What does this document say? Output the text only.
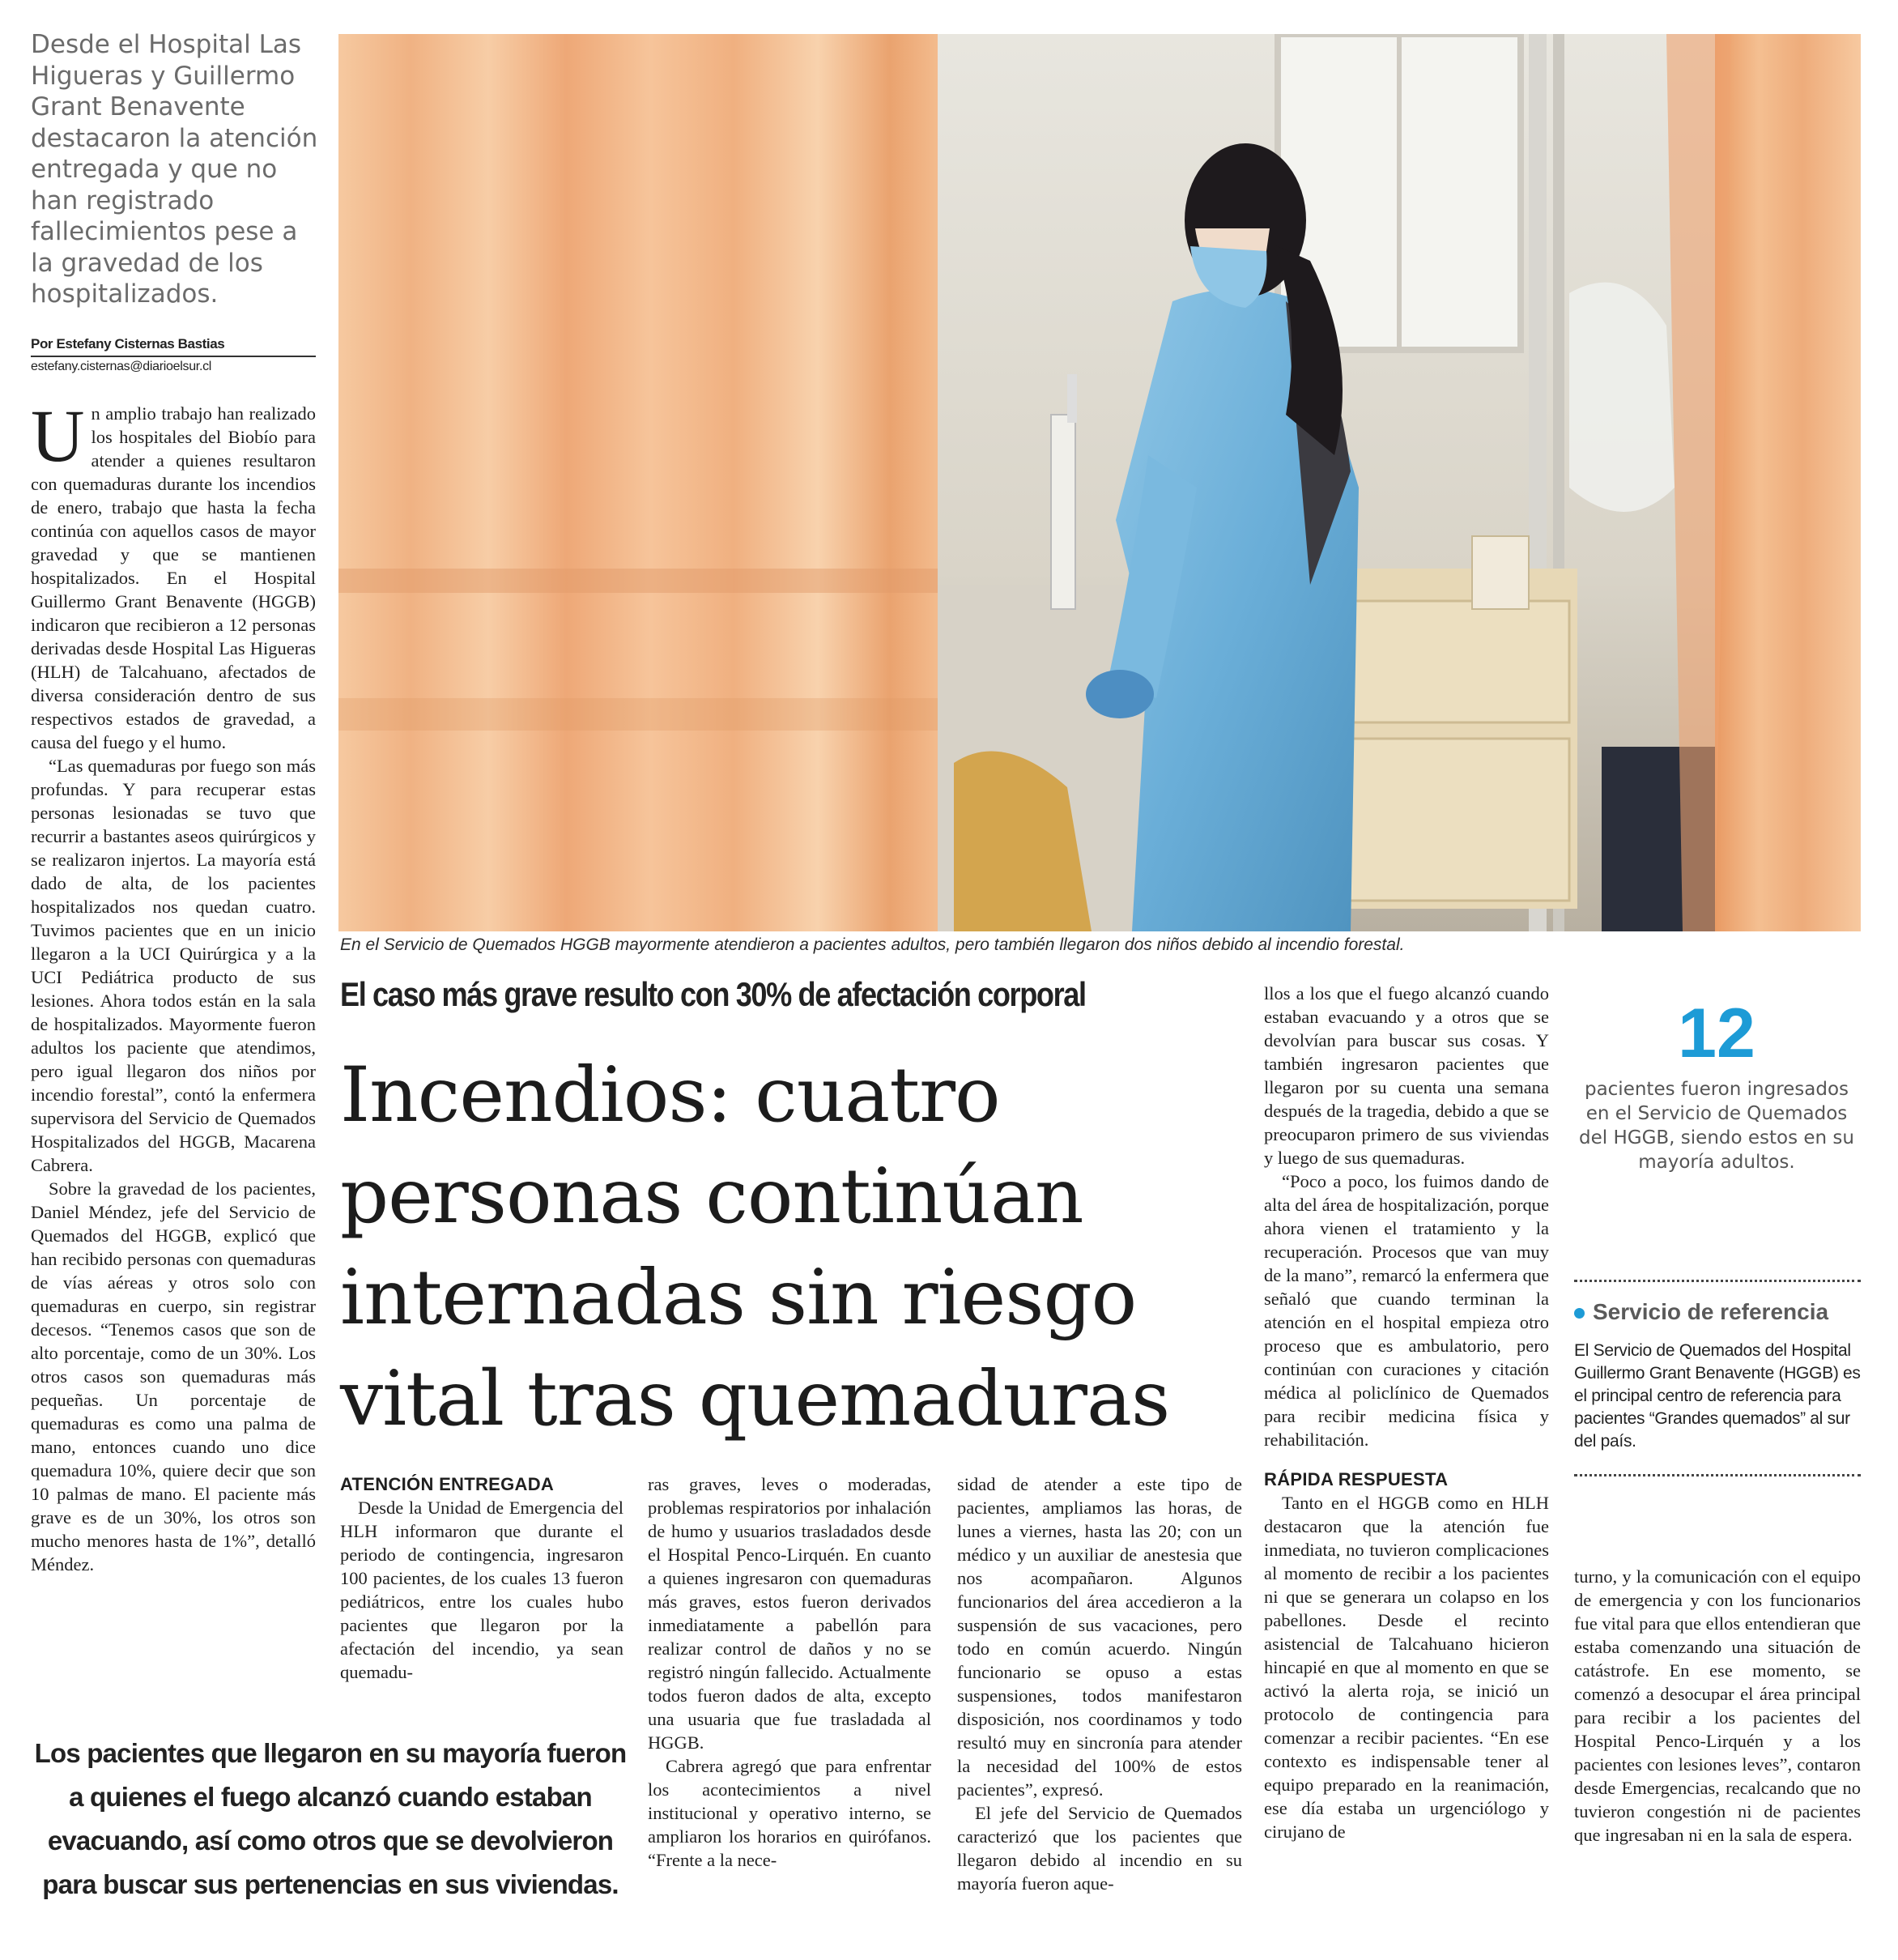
Desde el Hospital Las Higueras y Guillermo Grant Benavente destacaron la atención entregada y que no han registrado fallecimientos pese a la gravedad de los hospitalizados.
Por Estefany Cisternas Bastias
estefany.cisternas@diarioelsur.cl

Un amplio trabajo han realizado los hospitales del Biobío para atender a quienes resultaron con quemaduras durante los incendios de enero, trabajo que hasta la fecha continúa con aquellos casos de mayor gravedad y que se mantienen hospitalizados. En el Hospital Guillermo Grant Benavente (HGGB) indicaron que recibieron a 12 personas derivadas desde Hospital Las Higueras (HLH) de Talcahuano, afectados de diversa consideración dentro de sus respectivos estados de gravedad, a causa del fuego y el humo.

“Las quemaduras por fuego son más profundas. Y para recuperar estas personas lesionadas se tuvo que recurrir a bastantes aseos quirúrgicos y se realizaron injertos. La mayoría está dado de alta, de los pacientes hospitalizados nos quedan cuatro. Tuvimos pacientes que en un inicio llegaron a la UCI Quirúrgica y a la UCI Pediátrica producto de sus lesiones. Ahora todos están en la sala de hospitalizados. Mayormente fueron adultos los paciente que atendimos, pero igual llegaron dos niños por incendio forestal”, contó la enfermera supervisora del Servicio de Quemados Hospitalizados del HGGB, Macarena Cabrera.

Sobre la gravedad de los pacientes, Daniel Méndez, jefe del Servicio de Quemados del HGGB, explicó que han recibido personas con quemaduras de vías aéreas y otros solo con quemaduras en cuerpo, sin registrar decesos. “Tenemos casos que son de alto porcentaje, como de un 30%. Los otros casos son quemaduras más pequeñas. Un porcentaje de quemaduras es como una palma de mano, entonces cuando uno dice quemadura 10%, quiere decir que son 10 palmas de mano. El paciente más grave es de un 30%, los otros son mucho menores hasta de 1%”, detalló Méndez.

En el Servicio de Quemados HGGB mayormente atendieron a pacientes adultos, pero también llegaron dos niños debido al incendio forestal.
El caso más grave resulto con 30% de afectación corporal
Incendios: cuatro personas continúan internadas sin riesgo vital tras quemaduras

ATENCIÓN ENTREGADA

Desde la Unidad de Emergencia del HLH informaron que durante el periodo de contingencia, ingresaron 100 pacientes, de los cuales 13 fueron pediátricos, entre los cuales hubo pacientes que llegaron por la afectación del incendio, ya sean quemadu-

ras graves, leves o moderadas, problemas respiratorios por inhalación de humo y usuarios trasladados desde el Hospital Penco-Lirquén. En cuanto a quienes ingresaron con quemaduras más graves, estos fueron derivados inmediatamente a pabellón para realizar control de daños y no se registró ningún fallecido. Actualmente todos fueron dados de alta, excepto una usuaria que fue trasladada al HGGB.

Cabrera agregó que para enfrentar los acontecimientos a nivel institucional y operativo interno, se ampliaron los horarios en quirófanos. “Frente a la nece-

sidad de atender a este tipo de pacientes, ampliamos las horas, de lunes a viernes, hasta las 20; con un médico y un auxiliar de anestesia que nos acompañaron. Algunos funcionarios del área accedieron a la suspensión de sus vacaciones, pero todo en común acuerdo. Ningún funcionario se opuso a estas suspensiones, todos manifestaron disposición, nos coordinamos y todo resultó muy en sincronía para atender la necesidad del 100% de estos pacientes”, expresó.

El jefe del Servicio de Quemados caracterizó que los pacientes que llegaron debido al incendio en su mayoría fueron aque-

llos a los que el fuego alcanzó cuando estaban evacuando y a otros que se devolvían para buscar sus cosas. Y también ingresaron pacientes que llegaron por su cuenta una semana después de la tragedia, debido a que se preocuparon primero de sus viviendas y luego de sus quemaduras.

“Poco a poco, los fuimos dando de alta del área de hospitalización, porque ahora vienen el tratamiento y la recuperación. Procesos que van muy de la mano”, remarcó la enfermera que señaló que cuando terminan la atención en el hospital empieza otro proceso que es ambulatorio, pero continúan con curaciones y citación médica al policlínico de Quemados para recibir medicina física y rehabilitación.

RÁPIDA RESPUESTA

Tanto en el HGGB como en HLH destacaron que la atención fue inmediata, no tuvieron complicaciones al momento de recibir a los pacientes ni que se generara un colapso en los pabellones. Desde el recinto asistencial de Talcahuano hicieron hincapié en que al momento en que se activó la alerta roja, se inició un protocolo de contingencia para comenzar a recibir pacientes. “En ese contexto es indispensable tener al equipo preparado en la reanimación, ese día estaba un urgenciólogo y cirujano de

turno, y la comunicación con el equipo de emergencia y con los funcionarios fue vital para que ellos entendieran que estaba comenzando una situación de catástrofe. En ese momento, se comenzó a desocupar el área principal para recibir a los pacientes del Hospital Penco-Lirquén y a los pacientes con lesiones leves”, contaron desde Emergencias, recalcando que no tuvieron congestión ni de pacientes que ingresaban ni en la sala de espera.

12
pacientes fueron ingresados en el Servicio de Quemados del HGGB, siendo estos en su mayoría adultos.
Servicio de referencia
El Servicio de Quemados del Hospital Guillermo Grant Benavente (HGGB) es el principal centro de referencia para pacientes “Grandes quemados” al sur del país.
Los pacientes que llegaron en su mayoría fueron a quienes el fuego alcanzó cuando estaban evacuando, así como otros que se devolvieron para buscar sus pertenencias en sus viviendas.
